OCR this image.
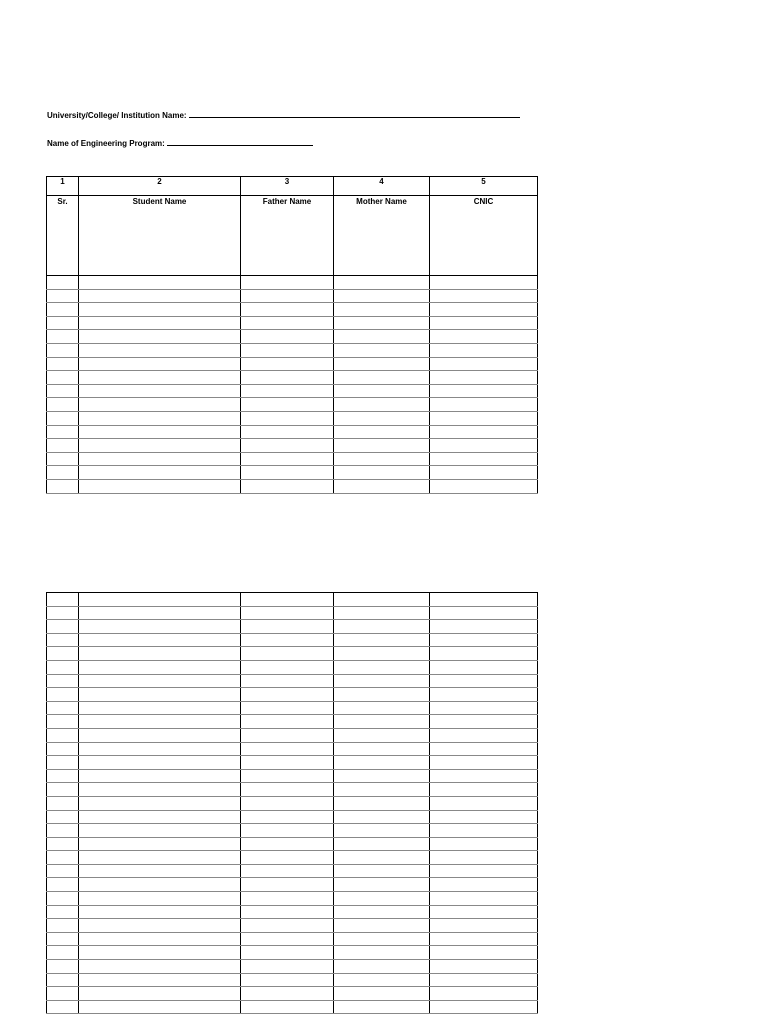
University/College/ Institution Name:
Name of Engineering Program:
1	2	3	4	5
Sr.	Student Name	Father Name	Mother Name	CNIC
